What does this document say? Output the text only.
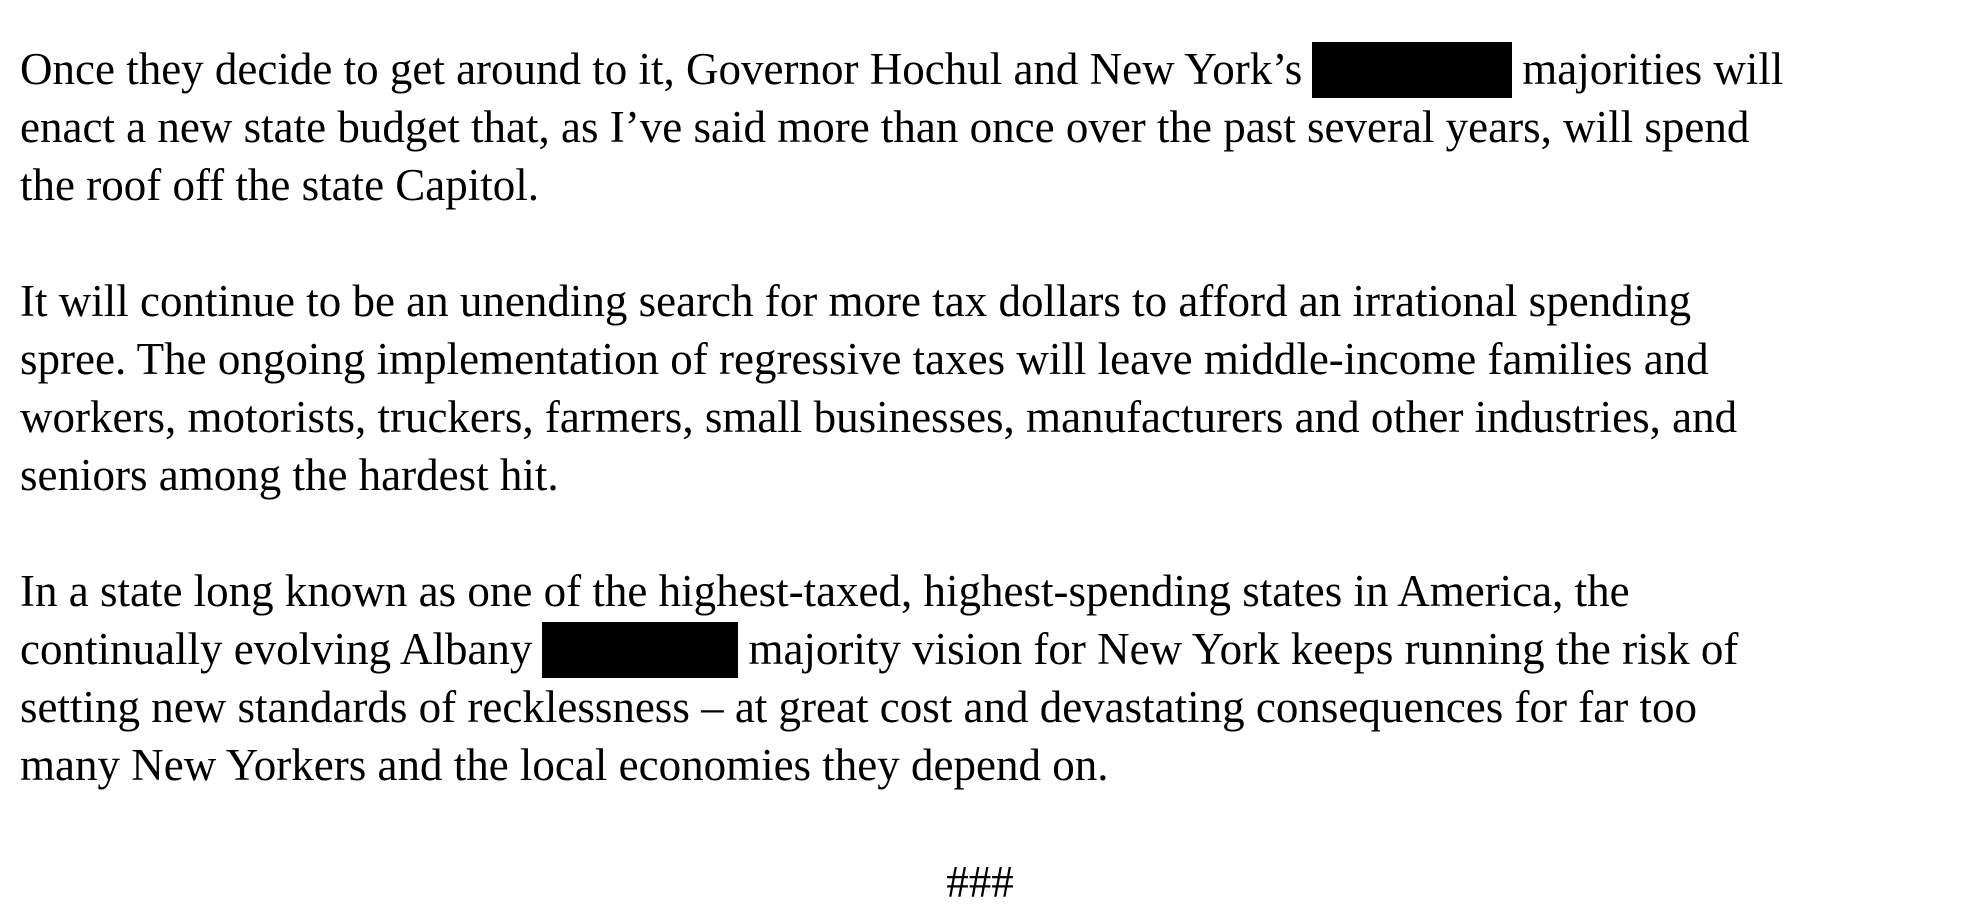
Once they decide to get around to it, Governor Hochul and New York’s	majorities will
enact a new state budget that, as I’ve said more than once over the past several years, will spend
the roof off the state Capitol.
It will continue to be an unending search for more tax dollars to afford an irrational spending
spree. The ongoing implementation of regressive taxes will leave middle-income families and
workers, motorists, truckers, farmers, small businesses, manufacturers and other industries, and
seniors among the hardest hit.
In a state long known as one of the highest-taxed, highest-spending states in America, the
continually evolving Albany	majority vision for New York keeps running the risk of
setting new standards of recklessness – at great cost and devastating consequences for far too
many New Yorkers and the local economies they depend on.
###
